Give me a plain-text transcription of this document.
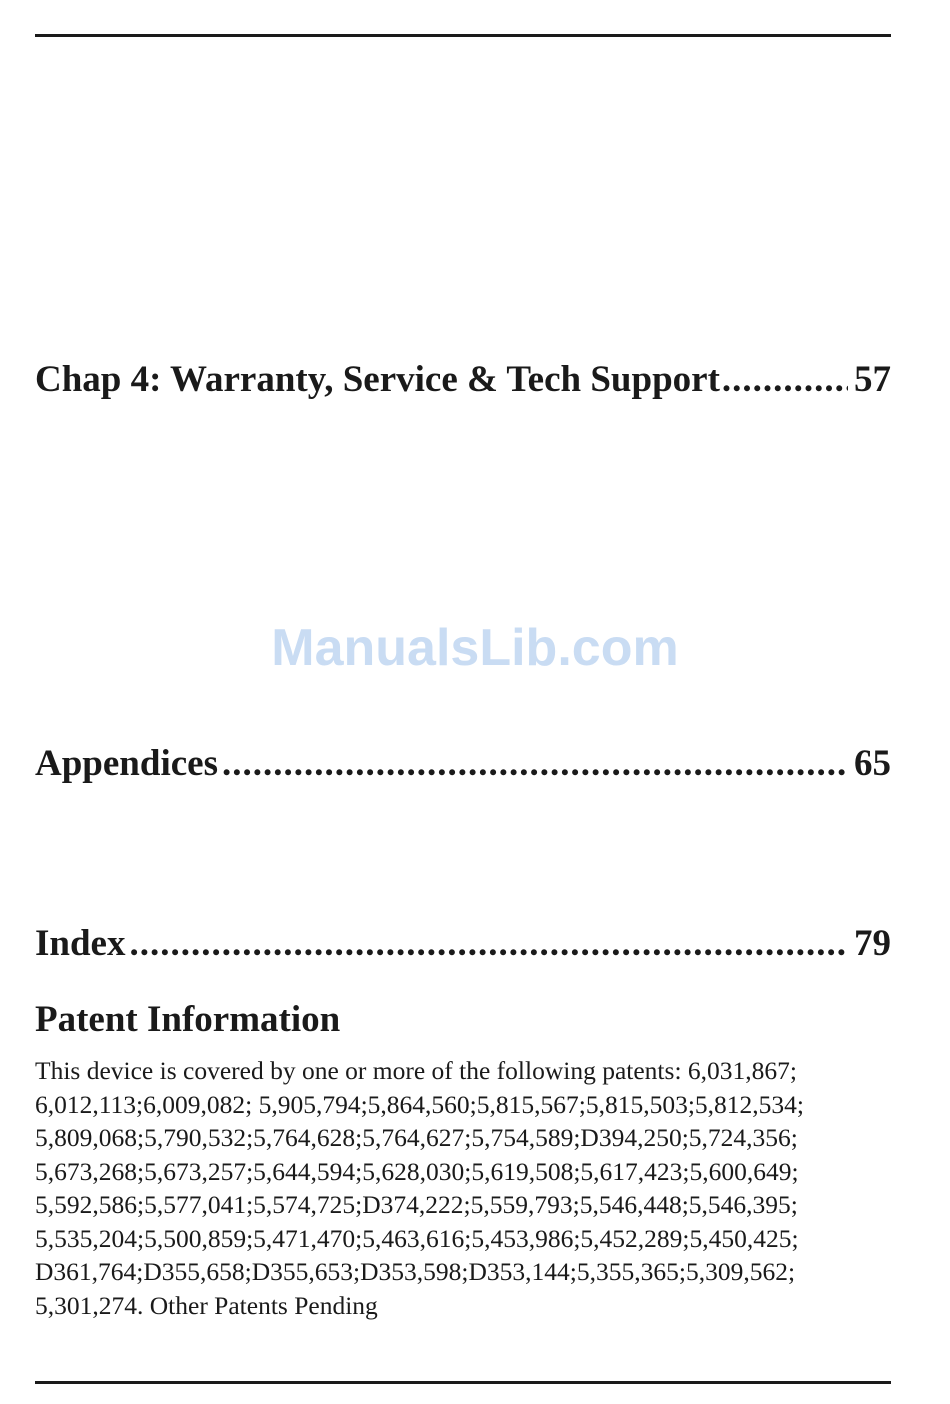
Chap 4: Warranty, Service & Tech Support .....	57
ManualsLib.com
Appendices .....	65
Index .....	79
Patent Information

This device is covered by one or more of the following patents: 6,031,867;
6,012,113;6,009,082; 5,905,794;5,864,560;5,815,567;5,815,503;5,812,534;
5,809,068;5,790,532;5,764,628;5,764,627;5,754,589;D394,250;5,724,356;
5,673,268;5,673,257;5,644,594;5,628,030;5,619,508;5,617,423;5,600,649;
5,592,586;5,577,041;5,574,725;D374,222;5,559,793;5,546,448;5,546,395;
5,535,204;5,500,859;5,471,470;5,463,616;5,453,986;5,452,289;5,450,425;
D361,764;D355,658;D355,653;D353,598;D353,144;5,355,365;5,309,562;
5,301,274. Other Patents Pending
